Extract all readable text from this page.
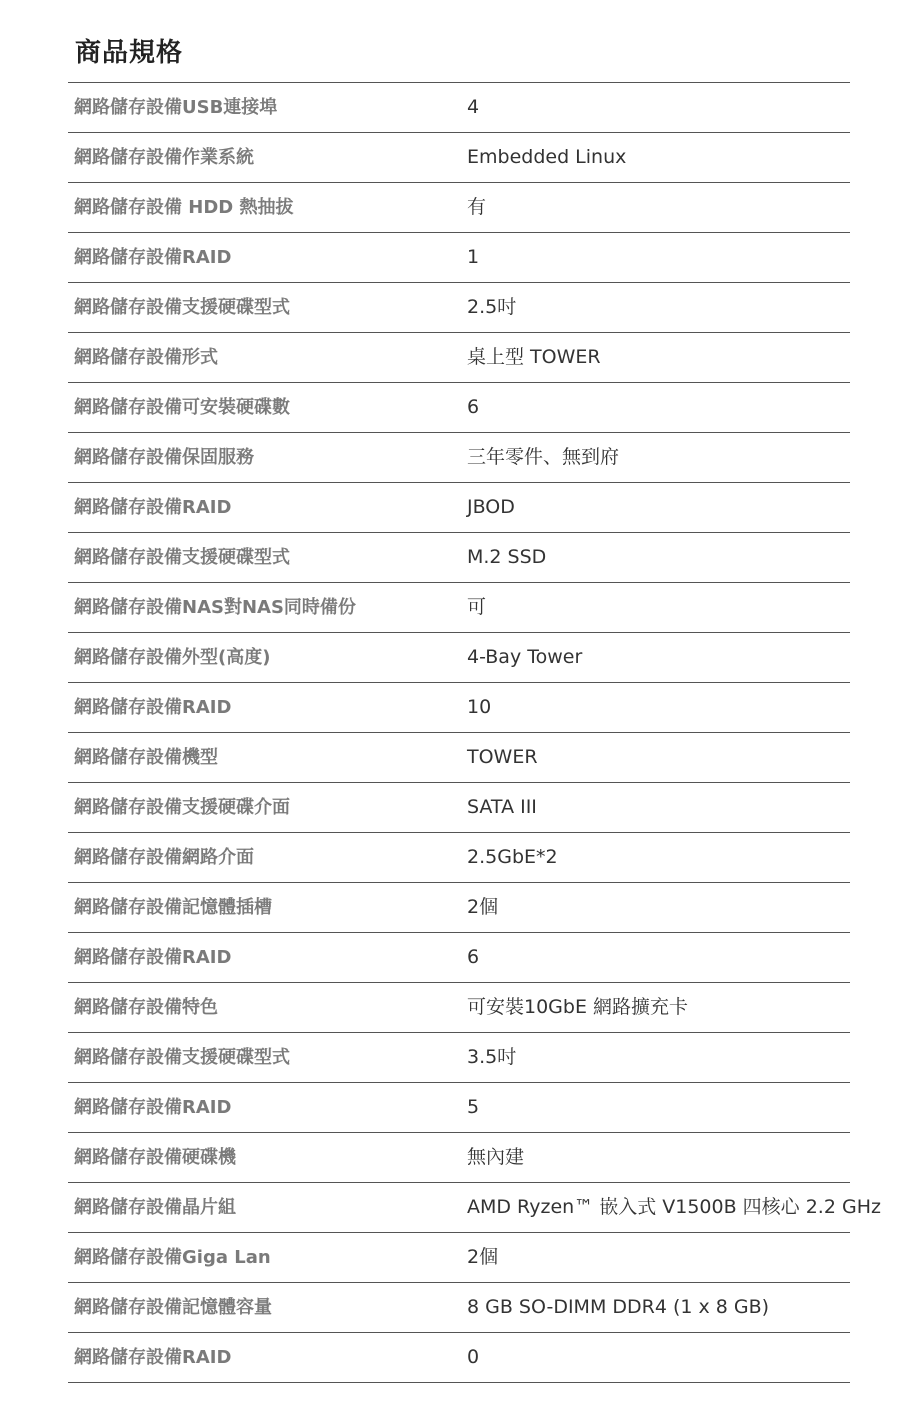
商品規格
網路儲存設備USB連接埠	4
網路儲存設備作業系統	Embedded Linux
網路儲存設備 HDD 熱抽拔	有
網路儲存設備RAID	1
網路儲存設備支援硬碟型式	2.5吋
網路儲存設備形式	桌上型 TOWER
網路儲存設備可安裝硬碟數	6
網路儲存設備保固服務	三年零件、無到府
網路儲存設備RAID	JBOD
網路儲存設備支援硬碟型式	M.2 SSD
網路儲存設備NAS對NAS同時備份	可
網路儲存設備外型(高度)	4-Bay Tower
網路儲存設備RAID	10
網路儲存設備機型	TOWER
網路儲存設備支援硬碟介面	SATA III
網路儲存設備網路介面	2.5GbE*2
網路儲存設備記憶體插槽	2個
網路儲存設備RAID	6
網路儲存設備特色	可安裝10GbE 網路擴充卡
網路儲存設備支援硬碟型式	3.5吋
網路儲存設備RAID	5
網路儲存設備硬碟機	無內建
網路儲存設備晶片組	AMD Ryzen™ 嵌入式 V1500B 四核心 2.2 GHz
網路儲存設備Giga Lan	2個
網路儲存設備記憶體容量	8 GB SO-DIMM DDR4 (1 x 8 GB)
網路儲存設備RAID	0
